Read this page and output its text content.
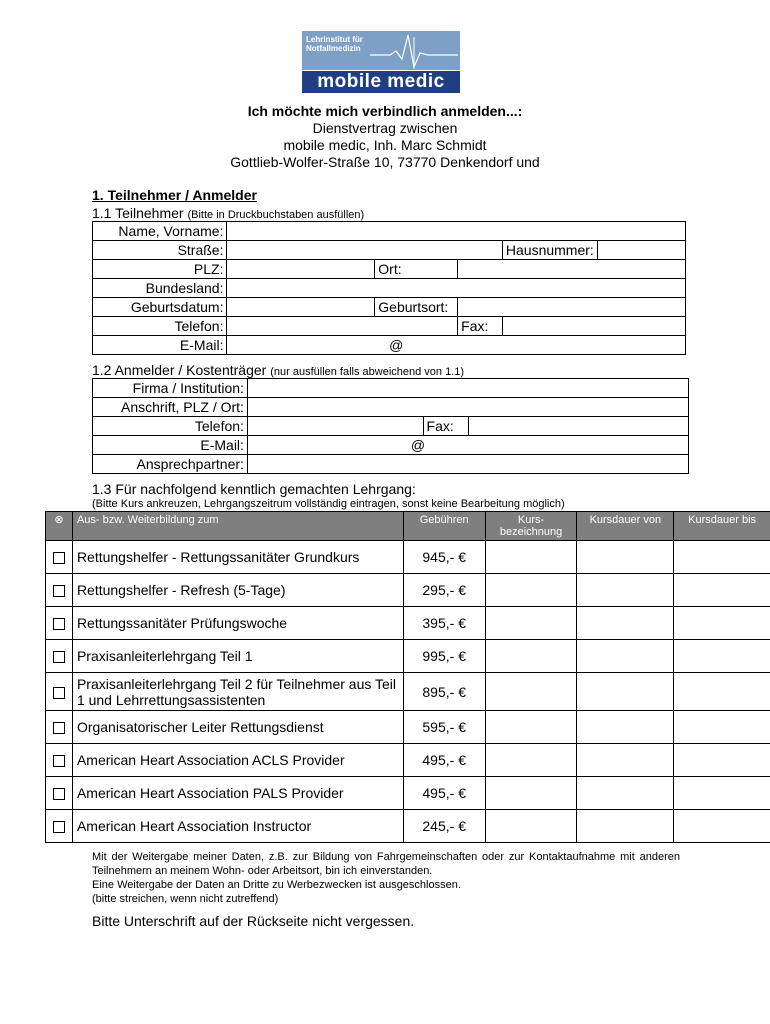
Lehrinstitut für
Notfallmedizin
mobile medic
Ich möchte mich verbindlich anmelden...:
Dienstvertrag zwischen
mobile medic, Inh. Marc Schmidt
Gottlieb-Wolfer-Straße 10, 73770 Denkendorf und
1. Teilnehmer / Anmelder
1.1 Teilnehmer (Bitte in Druckbuchstaben ausfüllen)
Name, Vorname:					
Straße:				Hausnummer:	
PLZ:		Ort:			
Bundesland:					
Geburtsdatum:		Geburtsort:			
Telefon:			Fax:		
E-Mail:	@				
1.2 Anmelder / Kostenträger (nur ausfüllen falls abweichend von 1.1)
Firma / Institution:			
Anschrift, PLZ / Ort:			
Telefon:		Fax:	
E-Mail:	@		
Ansprechpartner:			
1.3 Für nachfolgend kenntlich gemachten Lehrgang:
(Bitte Kurs ankreuzen, Lehrgangszeitrum vollständig eintragen, sonst keine Bearbeitung möglich)
⊗	Aus- bzw. Weiterbildung zum	Gebühren	Kurs-bezeichnung	Kursdauer von	Kursdauer bis
	Rettungshelfer - Rettungssanitäter Grundkurs	945,- €			
	Rettungshelfer - Refresh (5-Tage)	295,- €			
	Rettungssanitäter Prüfungswoche	395,- €			
	Praxisanleiterlehrgang Teil 1	995,- €			
	Praxisanleiterlehrgang Teil 2 für Teilnehmer aus Teil 1 und Lehrrettungsassistenten	895,- €			
	Organisatorischer Leiter Rettungsdienst	595,- €			
	American Heart Association ACLS Provider	495,- €			
	American Heart Association PALS Provider	495,- €			
	American Heart Association Instructor	245,- €			
Mit der Weitergabe meiner Daten, z.B. zur Bildung von Fahrgemeinschaften oder zur Kontaktaufnahme mit anderen Teilnehmern an meinem Wohn- oder Arbeitsort, bin ich einverstanden.
Eine Weitergabe der Daten an Dritte zu Werbezwecken ist ausgeschlossen.
(bitte streichen, wenn nicht zutreffend)
Bitte Unterschrift auf der Rückseite nicht vergessen.
